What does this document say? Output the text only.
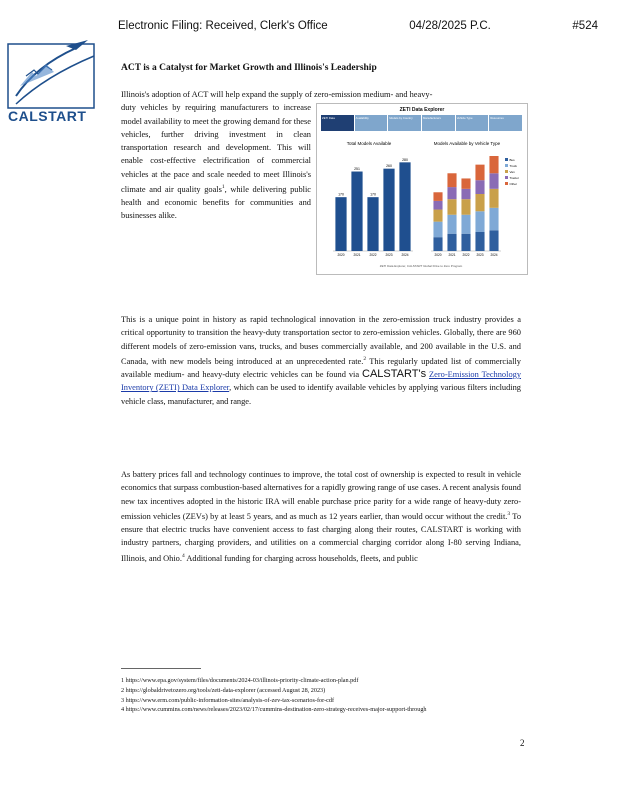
Electronic Filing: Received, Clerk's Office	04/28/2025 P.C.	#524
CALSTART
ACT is a Catalyst for Market Growth and Illinois's Leadership
Illinois's adoption of ACT will help expand the supply of zero-emission medium- and heavy-
duty vehicles by requiring manufacturers to increase model availability to meet the growing demand for these vehicles, further driving investment in clean transportation research and development. This will enable cost-effective electrification of commercial vehicles at the pace and scale needed to meet Illinois's climate and air quality goals$^1$, while delivering public health and economic benefits for communities and businesses alike.
ZETI Data Explorer
ZETI Data	Availability	Models by Country	Manufacturers	Vehicle Type	Resources
Total Models Available	Models Available by Vehicle Type
170
2020
251
2021
170
2022
260
2023
280
2024	2020 2021 2022 2023 2024
Bus
Truck
Van
Tractor
Other
ZETI Data Explorer, CALSTART Global Drive to Zero Program
This is a unique point in history as rapid technological innovation in the zero-emission truck industry provides a critical opportunity to transition the heavy-duty transportation sector to zero-emission vehicles. Globally, there are 960 different models of zero-emission vans, trucks, and buses commercially available, and 200 available in the U.S. and Canada, with new models being introduced at an unprecedented rate.$^2$ This regularly updated list of commercially available medium- and heavy-duty electric vehicles can be found via CALSTART's Zero-Emission Technology Inventory (ZETI) Data Explorer, which can be used to identify available vehicles by applying various filters including vehicle class, manufacturer, and range.
As battery prices fall and technology continues to improve, the total cost of ownership is expected to result in vehicle economics that surpass combustion-based alternatives for a rapidly growing range of use cases. A recent analysis found new tax incentives adopted in the historic IRA will enable purchase price parity for a wide range of heavy-duty zero-emission vehicles (ZEVs) by at least 5 years, and as much as 12 years earlier, than would occur without the credit.$^3$ To ensure that electric trucks have convenient access to fast charging along their routes, CALSTART is working with industry partners, charging providers, and utilities on a commercial charging corridor along I-80 serving Indiana, Illinois, and Ohio.$^4$ Additional funding for charging across households, fleets, and public
1 https://www.epa.gov/system/files/documents/2024-03/illinois-priority-climate-action-plan.pdf
2 https://globaldrivetozero.org/tools/zeti-data-explorer (accessed August 28, 2023)
3 https://www.erm.com/public-information-sites/analysis-of-zev-tax-scenarios-for-cdf
4 https://www.cummins.com/news/releases/2023/02/17/cummins-destination-zero-strategy-receives-major-support-through
2
